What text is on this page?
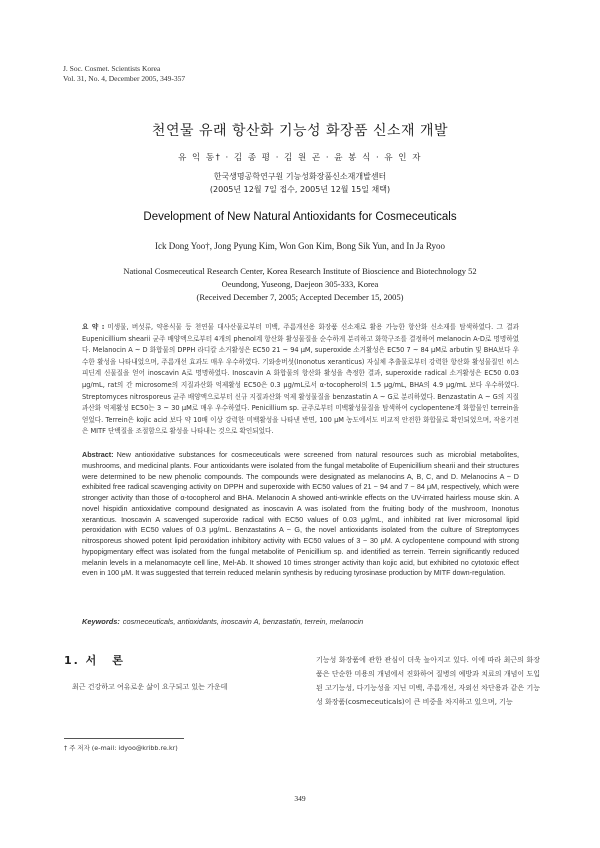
J. Soc. Cosmet. Scientists Korea
Vol. 31, No. 4, December 2005, 349-357
천연물 유래 항산화 기능성 화장품 신소재 개발
유 익 동† · 김 종 평 · 김 원 곤 · 윤 봉 식 · 유 인 자
한국생명공학연구원 기능성화장품신소재개발센터
(2005년 12월 7일 접수, 2005년 12월 15일 채택)
Development of New Natural Antioxidants for Cosmeceuticals
Ick Dong Yoo†, Jong Pyung Kim, Won Gon Kim, Bong Sik Yun, and In Ja Ryoo
National Cosmeceutical Research Center, Korea Research Institute of Bioscience and Biotechnology 52
Oeundong, Yuseong, Daejeon 305-333, Korea
(Received December 7, 2005; Accepted December 15, 2005)
요 약 : 미생물, 버섯류, 약용식물 등 천연물 대사산물로부터 미백, 주름개선용 화장품 신소재로 활용 가능한 항산화 신소재를 탐색하였다. 그 결과 Eupenicillium shearii 균주 배양액으로부터 4개의 phenol계 항산화 활성물질을 순수하게 분리하고 화학구조를 결정하여 melanocin A-D로 명명하였다. Melanocin A ~ D 화합물의 DPPH 라디칼 소거활성은 EC50 21 ~ 94 μM, superoxide 소거활성은 EC50 7 ~ 84 μM로 arbutin 및 BHA보다 우수한 활성을 나타내었으며, 주름개선 효과도 매우 우수하였다. 기와송버섯(Inonotus xeranticus) 자실체 추출물로부터 강력한 항산화 활성물질인 히스피딘계 신물질을 얻어 inoscavin A로 명명하였다. Inoscavin A 화합물의 항산화 활성을 측정한 결과, superoxide radical 소거활성은 EC50 0.03 μg/mL, rat의 간 microsome의 지질과산화 억제활성 EC50은 0.3 μg/mL로서 α-tocopherol의 1.5 μg/mL, BHA의 4.9 μg/mL 보다 우수하였다. Streptomyces nitrosporeus 균주 배양액으로부터 신규 지질과산화 억제 활성물질을 benzastatin A ~ G로 분리하였다. Benzastatin A ~ G의 지질과산화 억제활성 EC50는 3 ~ 30 μM로 매우 우수하였다. Penicillium sp. 균주로부터 미백활성물질을 탐색하여 cyclopentene계 화합물인 terrein을 얻었다. Terrein은 kojic acid 보다 약 10배 이상 강력한 미백활성을 나타낸 반면, 100 μM 농도에서도 비교적 안전한 화합물로 확인되었으며, 작용기전은 MITF 단백질을 조절함으로 활성을 나타내는 것으로 확인되었다.
Abstract: New antioxidative substances for cosmeceuticals were screened from natural resources such as microbial metabolites, mushrooms, and medicinal plants. Four antioxidants were isolated from the fungal metabolite of Eupenicillium shearii and their structures were determined to be new phenolic compounds. The compounds were designated as melanocins A, B, C, and D. Melanocins A ~ D exhibited free radical scavenging activity on DPPH and superoxide with EC50 values of 21 ~ 94 and 7 ~ 84 μM, respectively, which were stronger activity than those of α-tocopherol and BHA. Melanocin A showed anti-wrinkle effects on the UV-irrated hairless mouse skin. A novel hispidin antioxidative compound designated as inoscavin A was isolated from the fruiting body of the mushroom, Inonotus xeranticus. Inoscavin A scavenged superoxide radical with EC50 values of 0.03 μg/mL, and inhibited rat liver microsomal lipid peroxidation with EC50 values of 0.3 μg/mL. Benzastatins A ~ G, the novel antioxidants isolated from the culture of Streptomyces nitrosporeus showed potent lipid peroxidation inhibitory activity with EC50 values of 3 ~ 30 μM. A cyclopentene compound with strong hypopigmentary effect was isolated from the fungal metabolite of Penicillium sp. and identified as terrein. Terrein significantly reduced melanin levels in a melanomacyte cell line, Mel-Ab. It showed 10 times stronger activity than kojic acid, but exhibited no cytotoxic effect even in 100 μM. It was suggested that terrein reduced melanin synthesis by reducing tyrosinase production by MITF down-regulation.
Keywords: cosmeceuticals, antioxidants, inoscavin A, benzastatin, terrein, melanocin
1. 서 론
최근 건강하고 여유로운 삶이 요구되고 있는 가운데
† 주 저자 (e-mail: idyoo@kribb.re.kr)
기능성 화장품에 관한 관심이 더욱 높아지고 있다. 이에 따라 최근의 화장품은 단순한 미용의 개념에서 진화하여 질병의 예방과 치료의 개념이 도입된 고기능성, 다기능성을 지닌 미백, 주름개선, 자외선 차단용과 같은 기능성 화장품(cosmeceuticals)이 큰 비중을 차지하고 있으며, 기능
349
